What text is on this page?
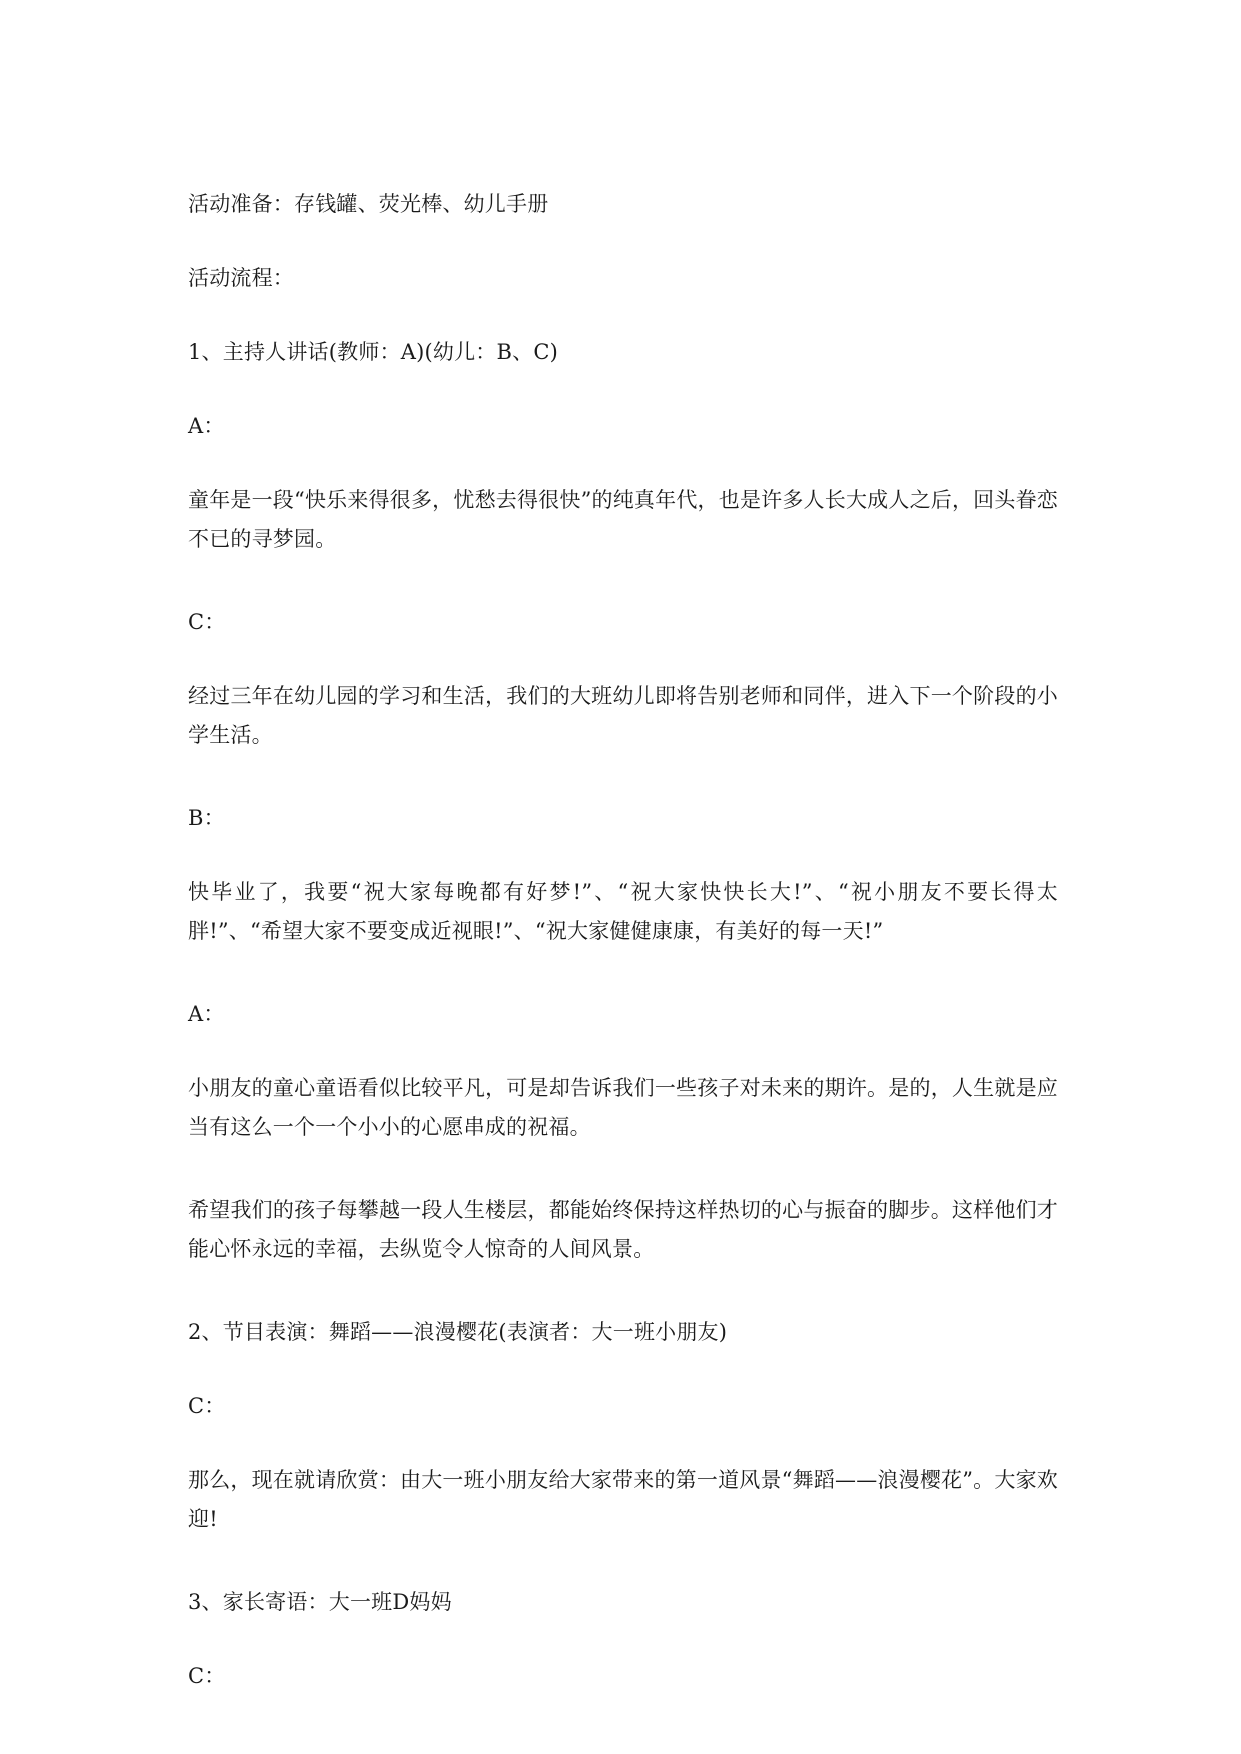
活动准备：存钱罐、荧光棒、幼儿手册

活动流程：

1、主持人讲话(教师：A)(幼儿：B、C)

A：

童年是一段“快乐来得很多，忧愁去得很快”的纯真年代，也是许多人长大成人之后，回头眷恋不已的寻梦园。

C：

经过三年在幼儿园的学习和生活，我们的大班幼儿即将告别老师和同伴，进入下一个阶段的小学生活。

B：

快毕业了，我要“祝大家每晚都有好梦!”、“祝大家快快长大!”、“祝小朋友不要长得太胖!”、“希望大家不要变成近视眼!”、“祝大家健健康康，有美好的每一天!”

A：

小朋友的童心童语看似比较平凡，可是却告诉我们一些孩子对未来的期许。是的，人生就是应当有这么一个一个小小的心愿串成的祝福。

希望我们的孩子每攀越一段人生楼层，都能始终保持这样热切的心与振奋的脚步。这样他们才能心怀永远的幸福，去纵览令人惊奇的人间风景。

2、节目表演：舞蹈——浪漫樱花(表演者：大一班小朋友)

C：

那么，现在就请欣赏：由大一班小朋友给大家带来的第一道风景“舞蹈——浪漫樱花”。大家欢迎!

3、家长寄语：大一班D妈妈

C：
